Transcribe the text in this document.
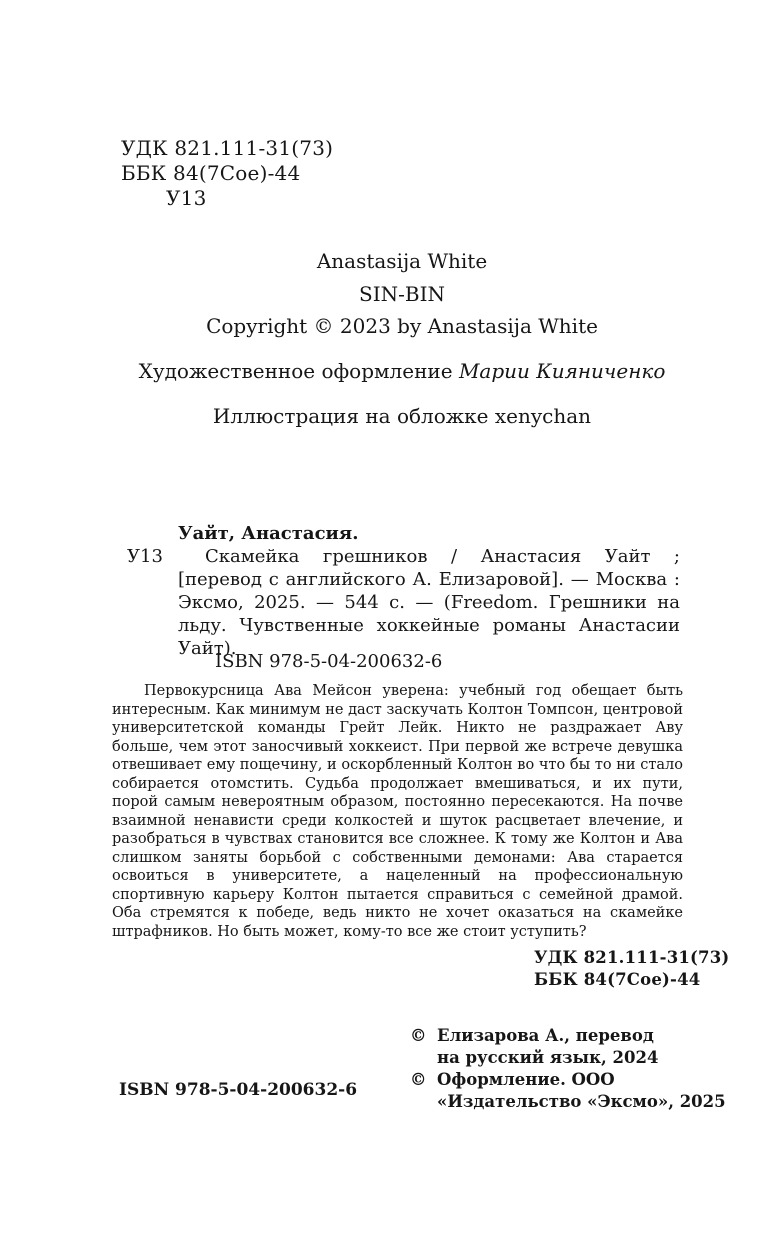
УДК 821.111-31(73)
ББК 84(7Сое)-44
У13
Anastasija White
SIN-BIN
Copyright © 2023 by Anastasija White
Художественное оформление Марии Кияниченко
Иллюстрация на обложке xenychan
Уайт, Анастасия.

У13 Скамейка грешников / Анастасия Уайт ; [перевод с английского А. Елизаровой]. — Москва : Эксмо, 2025. — 544 с. — (Freedom. Грешники на льду. Чувственные хоккейные романы Анастасии Уайт).

ISBN 978-5-04-200632-6

Первокурсница Ава Мейсон уверена: учебный год обещает быть интересным. Как минимум не даст заскучать Колтон Томпсон, центровой университетской команды Грейт Лейк. Никто не раздражает Аву больше, чем этот заносчивый хоккеист. При первой же встрече девушка отвешивает ему пощечину, и оскорбленный Колтон во что бы то ни стало собирается отомстить. Судьба продолжает вмешиваться, и их пути, порой самым невероятным образом, постоянно пересекаются. На почве взаимной ненависти среди колкостей и шуток расцветает влечение, и разобраться в чувствах становится все сложнее. К тому же Колтон и Ава слишком заняты борьбой с собственными демонами: Ава старается освоиться в университете, а нацеленный на профессиональную спортивную карьеру Колтон пытается справиться с семейной драмой. Оба стремятся к победе, ведь никто не хочет оказаться на скамейке штрафников. Но быть может, кому-то все же стоит уступить?

УДК 821.111-31(73)
ББК 84(7Сое)-44
ISBN 978-5-04-200632-6
© Елизарова А., перевод
на русский язык, 2024
© Оформление. ООО
«Издательство «Эксмо», 2025
